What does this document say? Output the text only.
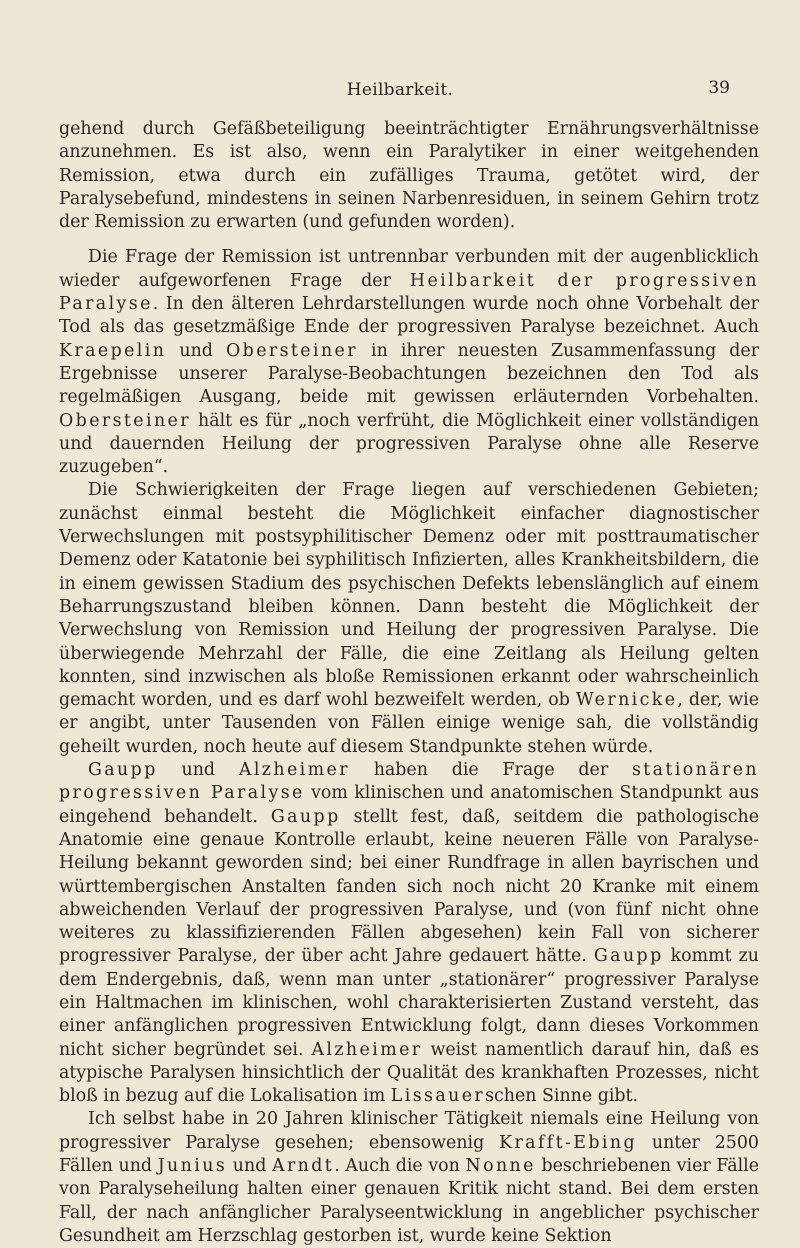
Heilbarkeit.	39

gehend durch Gefäßbeteiligung beeinträchtigter Ernährungsverhältnisse anzunehmen. Es ist also, wenn ein Paralytiker in einer weitgehenden Remission, etwa durch ein zufälliges Trauma, getötet wird, der Paralysebefund, mindestens in seinen Narbenresiduen, in seinem Gehirn trotz der Remission zu erwarten (und gefunden worden).

Die Frage der Remission ist untrennbar verbunden mit der augenblicklich wieder aufgeworfenen Frage der Heilbarkeit der progressiven Paralyse. In den älteren Lehrdarstellungen wurde noch ohne Vorbehalt der Tod als das gesetzmäßige Ende der progressiven Paralyse bezeichnet. Auch Kraepelin und Obersteiner in ihrer neuesten Zusammenfassung der Ergebnisse unserer Paralyse-Beobachtungen bezeichnen den Tod als regelmäßigen Ausgang, beide mit gewissen erläuternden Vorbehalten. Obersteiner hält es für „noch verfrüht, die Möglichkeit einer vollständigen und dauernden Heilung der progressiven Paralyse ohne alle Reserve zuzugeben“.

Die Schwierigkeiten der Frage liegen auf verschiedenen Gebieten; zunächst einmal besteht die Möglichkeit einfacher diagnostischer Verwechslungen mit postsyphilitischer Demenz oder mit posttraumatischer Demenz oder Katatonie bei syphilitisch Infizierten, alles Krankheitsbildern, die in einem gewissen Stadium des psychischen Defekts lebenslänglich auf einem Beharrungszustand bleiben können. Dann besteht die Möglichkeit der Verwechslung von Remission und Heilung der progressiven Paralyse. Die überwiegende Mehrzahl der Fälle, die eine Zeitlang als Heilung gelten konnten, sind inzwischen als bloße Remissionen erkannt oder wahrscheinlich gemacht worden, und es darf wohl bezweifelt werden, ob Wernicke, der, wie er angibt, unter Tausenden von Fällen einige wenige sah, die vollständig geheilt wurden, noch heute auf diesem Standpunkte stehen würde.

Gaupp und Alzheimer haben die Frage der stationären progressiven Paralyse vom klinischen und anatomischen Standpunkt aus eingehend behandelt. Gaupp stellt fest, daß, seitdem die pathologische Anatomie eine genaue Kontrolle erlaubt, keine neueren Fälle von Paralyse-Heilung bekannt geworden sind; bei einer Rundfrage in allen bayrischen und württembergischen Anstalten fanden sich noch nicht 20 Kranke mit einem abweichenden Verlauf der progressiven Paralyse, und (von fünf nicht ohne weiteres zu klassifizierenden Fällen abgesehen) kein Fall von sicherer progressiver Paralyse, der über acht Jahre gedauert hätte. Gaupp kommt zu dem Endergebnis, daß, wenn man unter „stationärer“ progressiver Paralyse ein Haltmachen im klinischen, wohl charakterisierten Zustand versteht, das einer anfänglichen progressiven Entwicklung folgt, dann dieses Vorkommen nicht sicher begründet sei. Alzheimer weist namentlich darauf hin, daß es atypische Paralysen hinsichtlich der Qualität des krankhaften Prozesses, nicht bloß in bezug auf die Lokalisation im Lissauerschen Sinne gibt.

Ich selbst habe in 20 Jahren klinischer Tätigkeit niemals eine Heilung von progressiver Paralyse gesehen; ebensowenig Krafft-Ebing unter 2500 Fällen und Junius und Arndt. Auch die von Nonne beschriebenen vier Fälle von Paralyseheilung halten einer genauen Kritik nicht stand. Bei dem ersten Fall, der nach anfänglicher Paralyseentwicklung in angeblicher psychischer Gesundheit am Herzschlag gestorben ist, wurde keine Sektion
